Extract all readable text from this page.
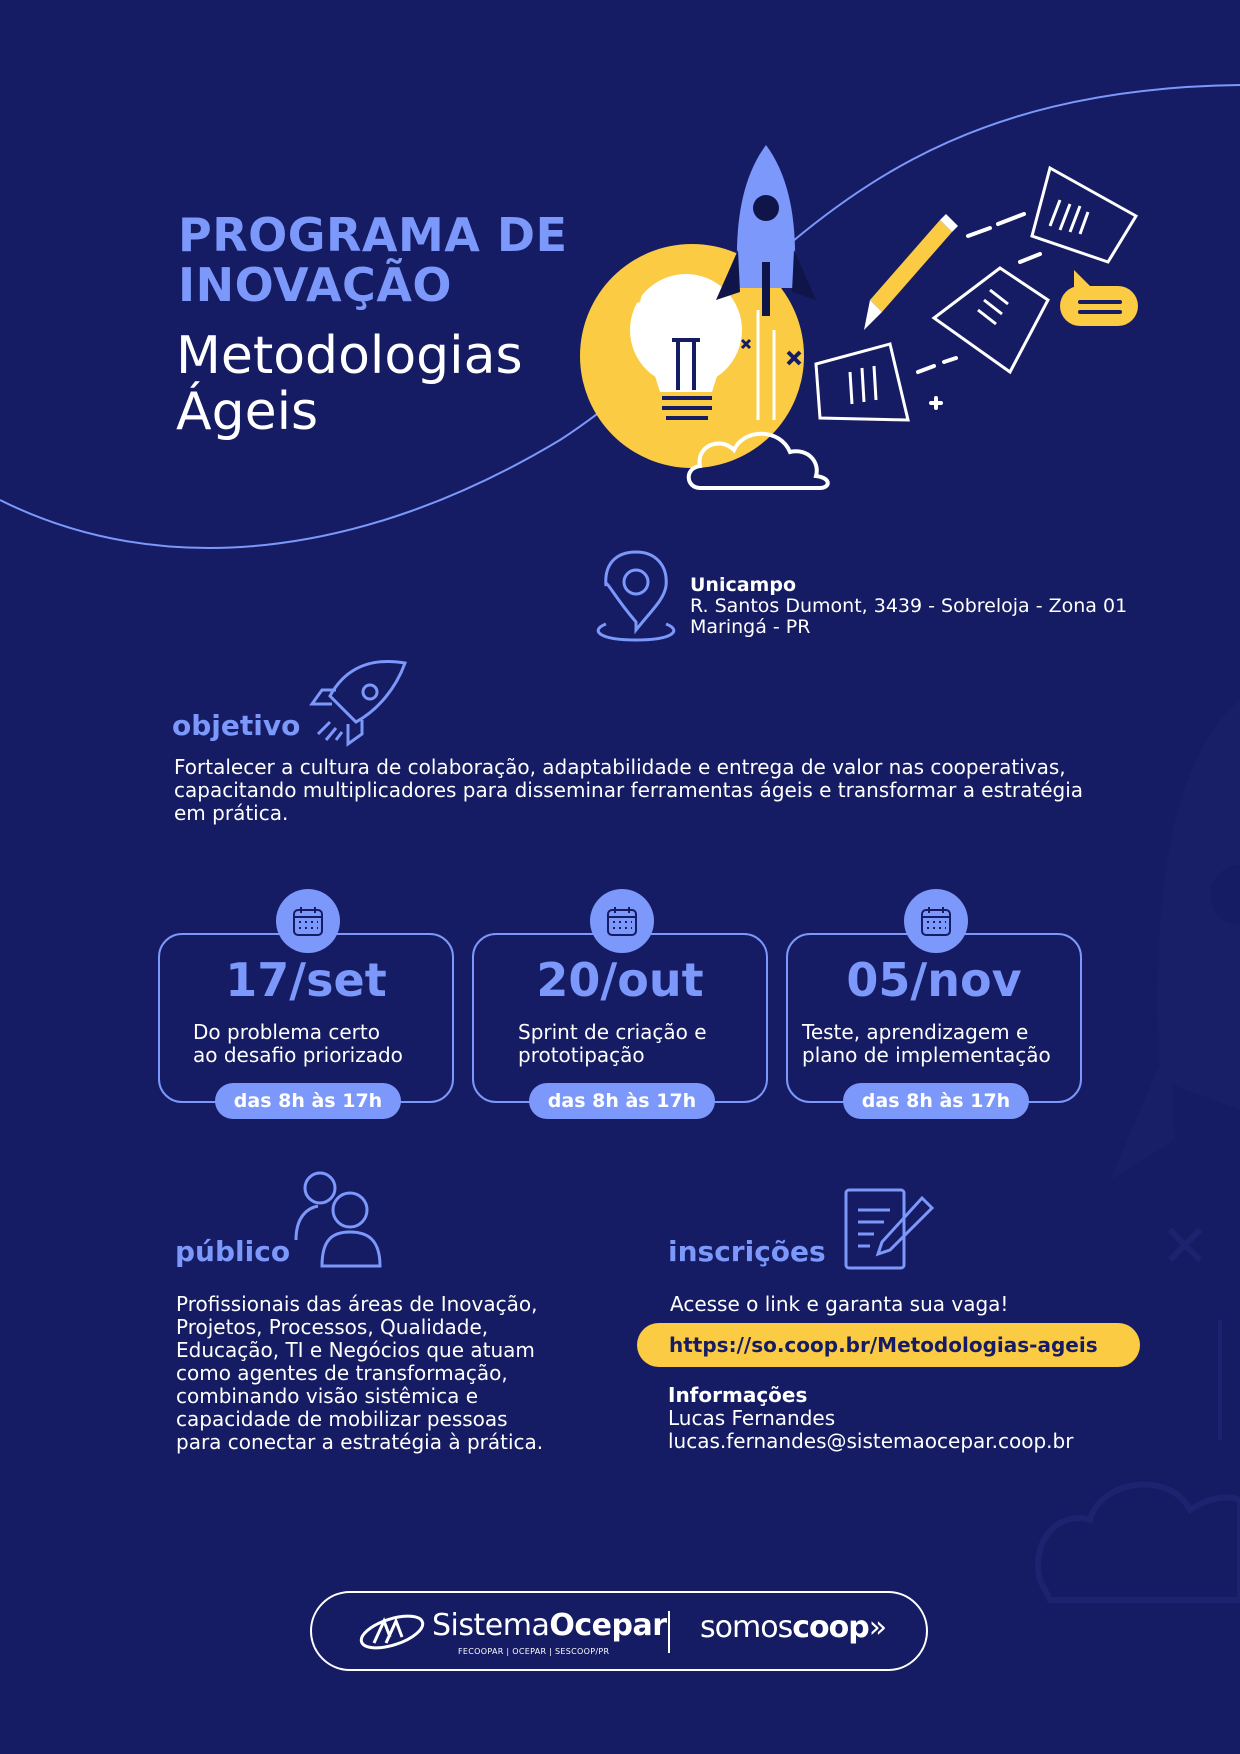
PROGRAMA DE
INOVAÇÃO
Metodologias
Ágeis
Unicampo
R. Santos Dumont, 3439 - Sobreloja - Zona 01
Maringá - PR
objetivo
Fortalecer a cultura de colaboração, adaptabilidade e entrega de valor nas cooperativas,
capacitando multiplicadores para disseminar ferramentas ágeis e transformar a estratégia
em prática.
17/set
Do problema certo
ao desafio priorizado
das 8h às 17h
20/out
Sprint de criação e
prototipação
das 8h às 17h
05/nov
Teste, aprendizagem e
plano de implementação
das 8h às 17h
público
Profissionais das áreas de Inovação,
Projetos, Processos, Qualidade,
Educação, TI e Negócios que atuam
como agentes de transformação,
combinando visão sistêmica e
capacidade de mobilizar pessoas
para conectar a estratégia à prática.
inscrições
Acesse o link e garanta sua vaga!
https://so.coop.br/Metodologias-ageis
Informações
Lucas Fernandes
lucas.fernandes@sistemaocepar.coop.br
SistemaOcepar
FECOOPAR | OCEPAR | SESCOOP/PR
somoscoop»
